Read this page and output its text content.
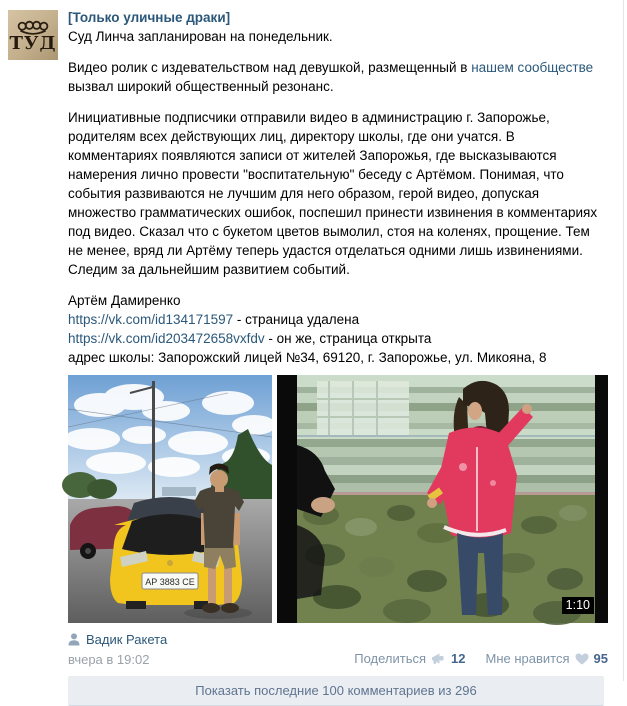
ТУД
[Только уличные драки]
Суд Линча запланирован на понедельник.
Видео ролик с издевательством над девушкой, размещенный в нашем сообществе вызвал широкий общественный резонанс.
Инициативные подписчики отправили видео в администрацию г. Запорожье, родителям всех действующих лиц, директору школы, где они учатся. В комментариях появляются записи от жителей Запорожья, где высказываются намерения лично провести "воспитательную" беседу с Артёмом. Понимая, что события развиваются не лучшим для него образом, герой видео, допуская множество грамматических ошибок, поспешил принести извинения в комментариях под видео. Сказал что с букетом цветов вымолил, стоя на коленях, прощение. Тем не менее, вряд ли Артёму теперь удастся отделаться одними лишь извинениями.
Следим за дальнейшим развитием событий.
Артём Дамиренко
https://vk.com/id134171597 - страница удалена
https://vk.com/id203472658vxfdv - он же, страница открыта
адрес школы: Запорожский лицей №34, 69120, г. Запорожье, ул. Микояна, 8
АР 3883 СЕ
1:10
Вадик Ракета
вчера в 19:02	Поделиться 12 Мне нравится 95
Показать последние 100 комментариев из 296
